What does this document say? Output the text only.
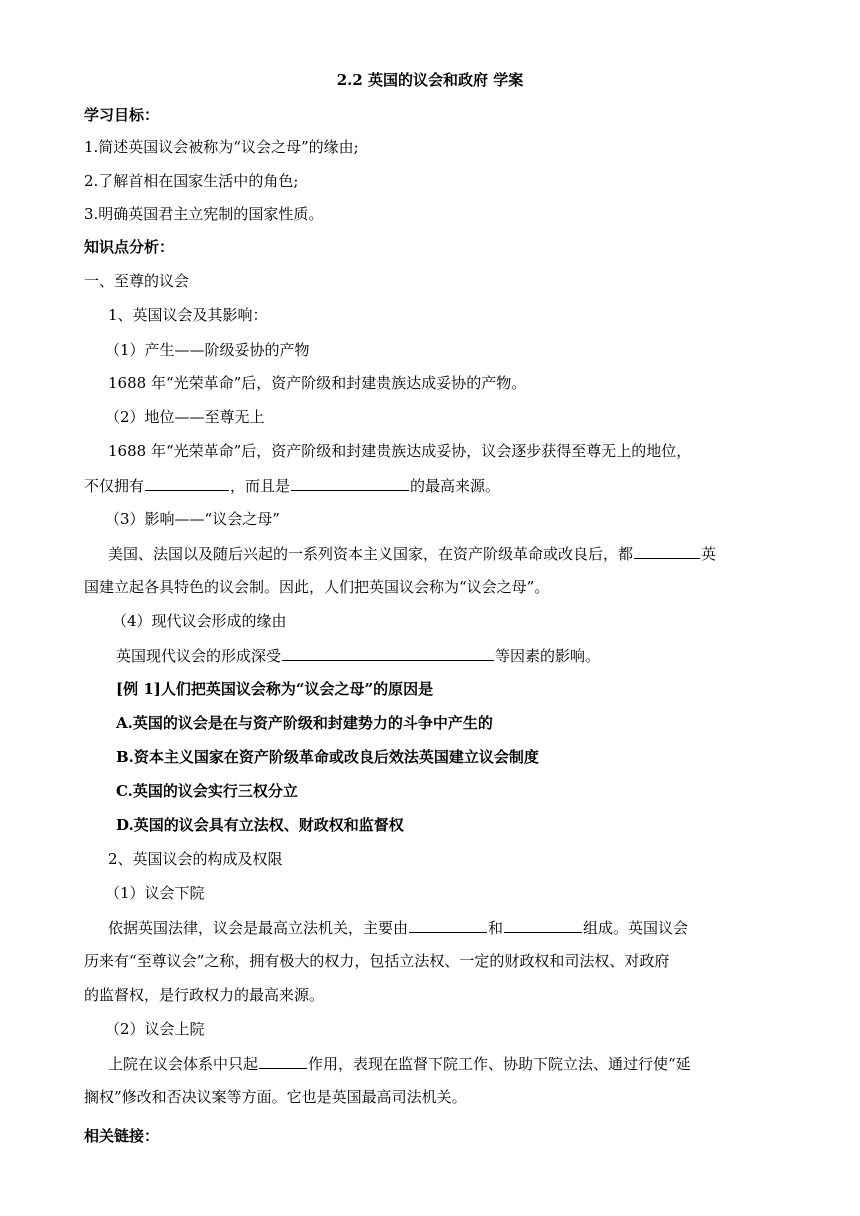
2.2 英国的议会和政府 学案
学习目标：
1.简述英国议会被称为“议会之母”的缘由;
2.了解首相在国家生活中的角色;
3.明确英国君主立宪制的国家性质。
知识点分析：
一、至尊的议会
1、英国议会及其影响：
（1）产生——阶级妥协的产物
1688 年“光荣革命”后，资产阶级和封建贵族达成妥协的产物。
（2）地位——至尊无上
1688 年“光荣革命”后，资产阶级和封建贵族达成妥协，议会逐步获得至尊无上的地位，
不仅拥有	，而且是	的最高来源。
（3）影响——“议会之母”
美国、法国以及随后兴起的一系列资本主义国家，在资产阶级革命或改良后，都	英
国建立起各具特色的议会制。因此，人们把英国议会称为“议会之母”。
（4）现代议会形成的缘由
英国现代议会的形成深受	等因素的影响。
[例 1]人们把英国议会称为“议会之母”的原因是
A.英国的议会是在与资产阶级和封建势力的斗争中产生的
B.资本主义国家在资产阶级革命或改良后效法英国建立议会制度
C.英国的议会实行三权分立
D.英国的议会具有立法权、财政权和监督权
2、英国议会的构成及权限
（1）议会下院
依据英国法律，议会是最高立法机关，主要由	和	组成。英国议会
历来有“至尊议会”之称，拥有极大的权力，包括立法权、一定的财政权和司法权、对政府
的监督权，是行政权力的最高来源。
（2）议会上院
上院在议会体系中只起	作用，表现在监督下院工作、协助下院立法、通过行使“延
搁权”修改和否决议案等方面。它也是英国最高司法机关。
相关链接：
